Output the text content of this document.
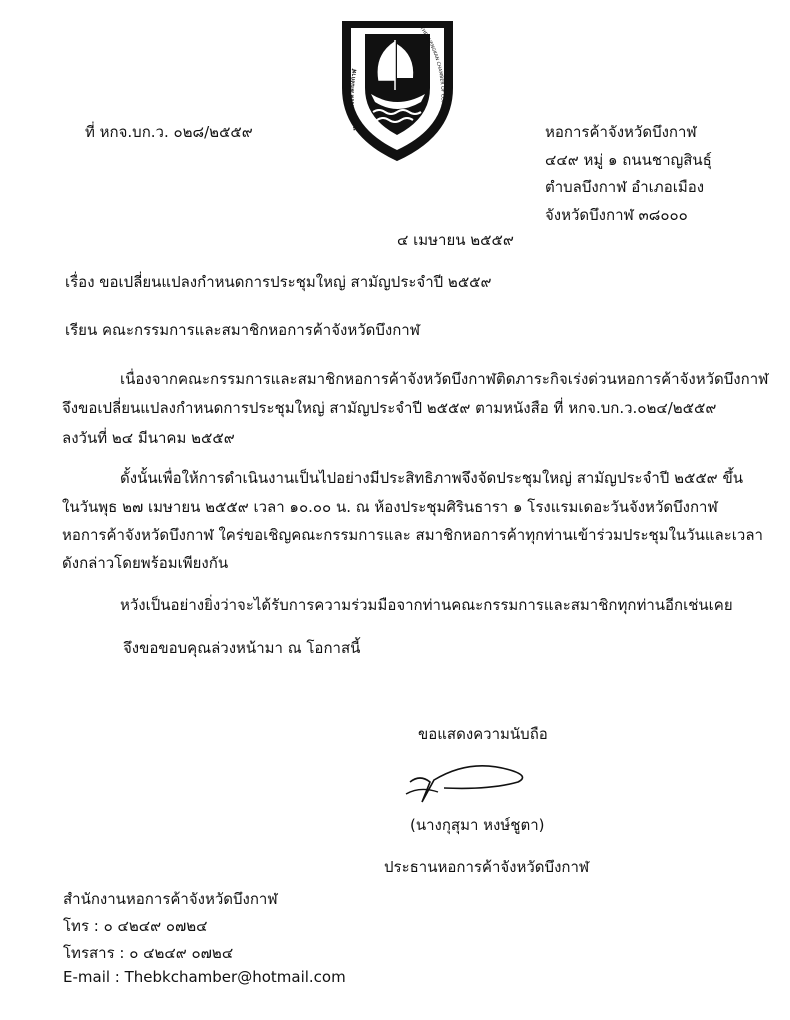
หอการค้าจังหวัดบึงกาฬ
THE BUENGKAN CHAMBER OF COMMERCE
ที่ หกจ.บก.ว. ๐๒๘/๒๕๕๙	หอการค้าจังหวัดบึงกาฬ
๔๔๙ หมู่ ๑ ถนนชาญสินธุ์
ตำบลบึงกาฬ อำเภอเมือง
จังหวัดบึงกาฬ ๓๘๐๐๐
๔ เมษายน ๒๕๕๙
เรื่อง ขอเปลี่ยนแปลงกำหนดการประชุมใหญ่ สามัญประจำปี ๒๕๕๙
เรียน คณะกรรมการและสมาชิกหอการค้าจังหวัดบึงกาฬ
เนื่องจากคณะกรรมการและสมาชิกหอการค้าจังหวัดบึงกาฬติดภาระกิจเร่งด่วนหอการค้าจังหวัดบึงกาฬ
จึงขอเปลี่ยนแปลงกำหนดการประชุมใหญ่ สามัญประจำปี ๒๕๕๙ ตามหนังสือ ที่ หกจ.บก.ว.๐๒๔/๒๕๕๙
ลงวันที่ ๒๔ มีนาคม ๒๕๕๙
ดั้งนั้นเพื่อให้การดำเนินงานเป็นไปอย่างมีประสิทธิภาพจึงจัดประชุมใหญ่ สามัญประจำปี ๒๕๕๙ ขึ้น
ในวันพุธ ๒๗ เมษายน ๒๕๕๙ เวลา ๑๐.๐๐ น. ณ ห้องประชุมศิรินธารา ๑ โรงแรมเดอะวันจังหวัดบึงกาฬ
หอการค้าจังหวัดบึงกาฬ ใคร่ขอเชิญคณะกรรมการและ สมาชิกหอการค้าทุกท่านเข้าร่วมประชุมในวันและเวลา
ดังกล่าวโดยพร้อมเพียงกัน
หวังเป็นอย่างยิ่งว่าจะได้รับการความร่วมมือจากท่านคณะกรรมการและสมาชิกทุกท่านอีกเช่นเคย
จึงขอขอบคุณล่วงหน้ามา ณ โอกาสนี้
ขอแสดงความนับถือ
(นางกุสุมา หงษ์ชูตา)
ประธานหอการค้าจังหวัดบึงกาฬ
สำนักงานหอการค้าจังหวัดบึงกาฬ
โทร : ๐ ๔๒๔๙ ๐๗๒๔
โทรสาร : ๐ ๔๒๔๙ ๐๗๒๔
E-mail : Thebkchamber@hotmail.com
